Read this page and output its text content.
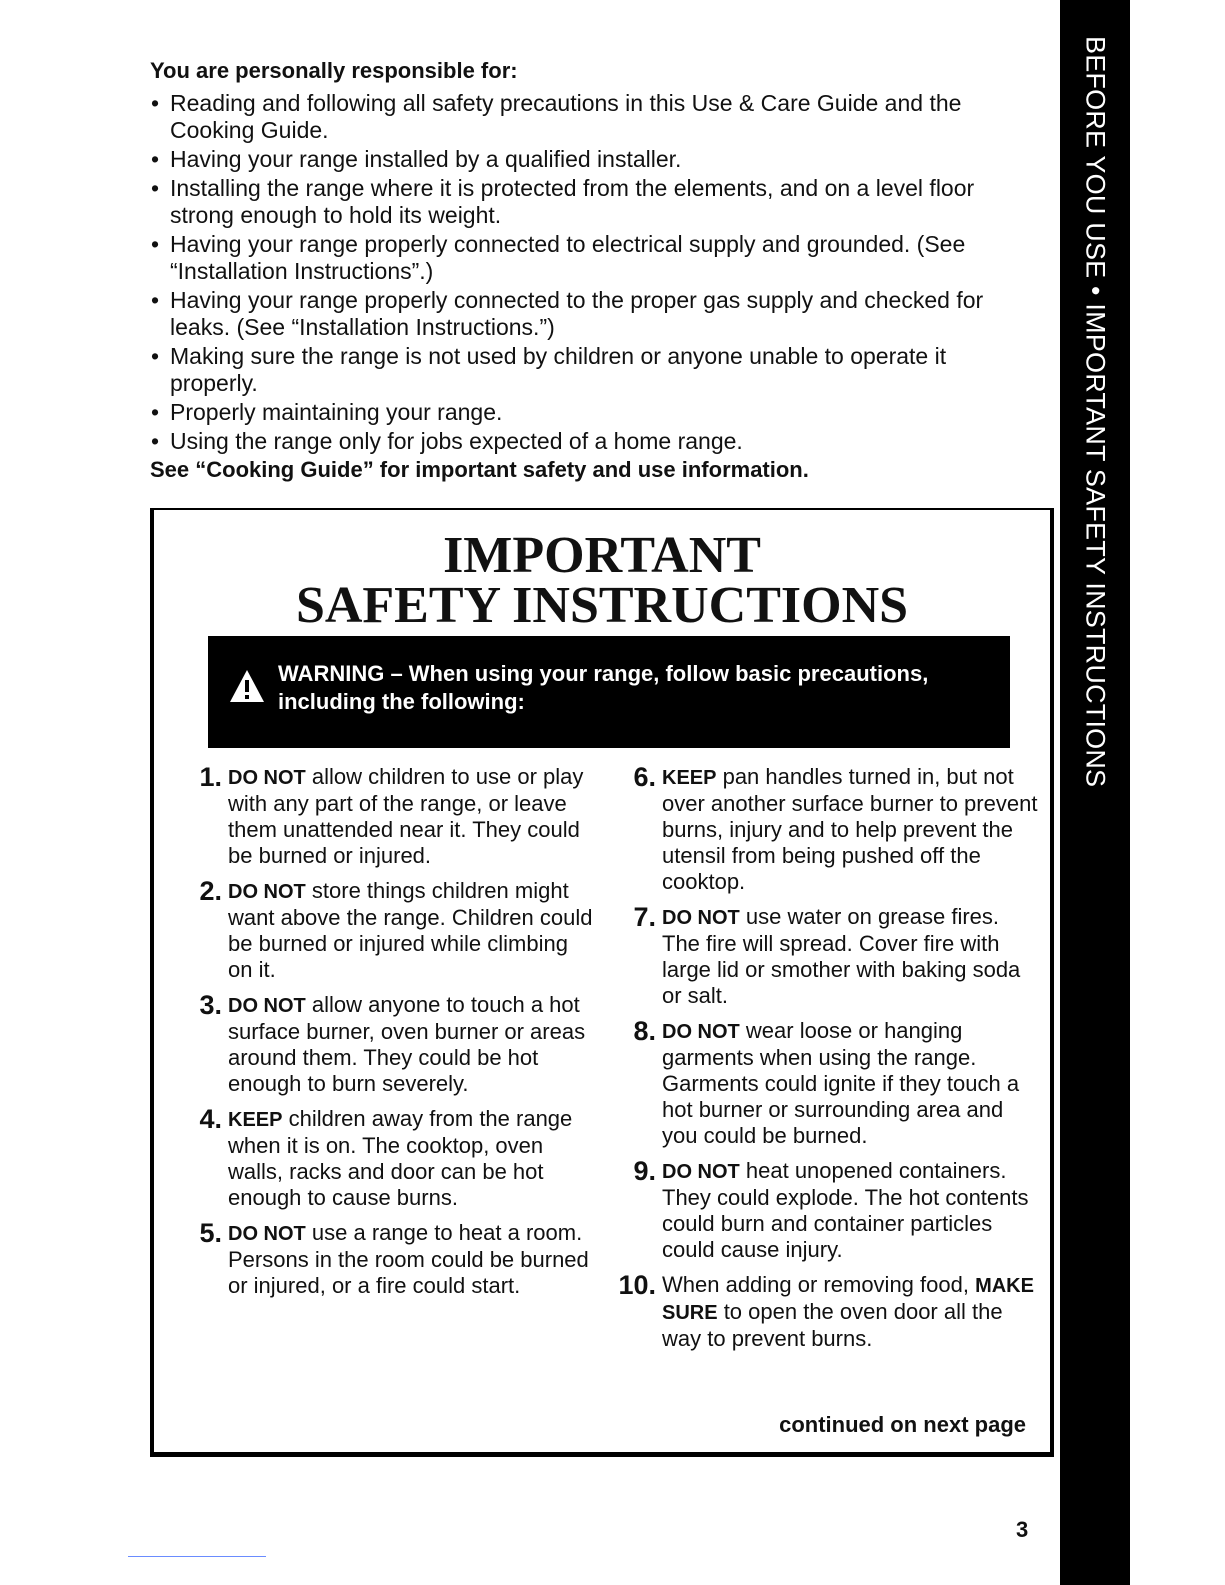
BEFORE YOU USE • IMPORTANT SAFETY INSTRUCTIONS
You are personally responsible for:
• Reading and following all safety precautions in this Use & Care Guide and the Cooking Guide.
• Having your range installed by a qualified installer.
• Installing the range where it is protected from the elements, and on a level floor strong enough to hold its weight.
• Having your range properly connected to electrical supply and grounded. (See “Installation Instructions”.)
• Having your range properly connected to the proper gas supply and checked for leaks. (See “Installation Instructions.”)
• Making sure the range is not used by children or anyone unable to operate it properly.
• Properly maintaining your range.
• Using the range only for jobs expected of a home range.
See “Cooking Guide” for important safety and use information.
IMPORTANT
SAFETY INSTRUCTIONS
WARNING – When using your range, follow basic precautions, including the following:
1. DO NOT allow children to use or play with any part of the range, or leave them unattended near it. They could be burned or injured.
2. DO NOT store things children might want above the range. Children could be burned or injured while climbing on it.
3. DO NOT allow anyone to touch a hot surface burner, oven burner or areas around them. They could be hot enough to burn severely.
4. KEEP children away from the range when it is on. The cooktop, oven walls, racks and door can be hot enough to cause burns.
5. DO NOT use a range to heat a room. Persons in the room could be burned or injured, or a fire could start.
6. KEEP pan handles turned in, but not over another surface burner to prevent burns, injury and to help prevent the utensil from being pushed off the cooktop.
7. DO NOT use water on grease fires. The fire will spread. Cover fire with large lid or smother with baking soda or salt.
8. DO NOT wear loose or hanging garments when using the range. Garments could ignite if they touch a hot burner or surrounding area and you could be burned.
9. DO NOT heat unopened containers. They could explode. The hot contents could burn and container particles could cause injury.
10. When adding or removing food, MAKE SURE to open the oven door all the way to prevent burns.
continued on next page
3
